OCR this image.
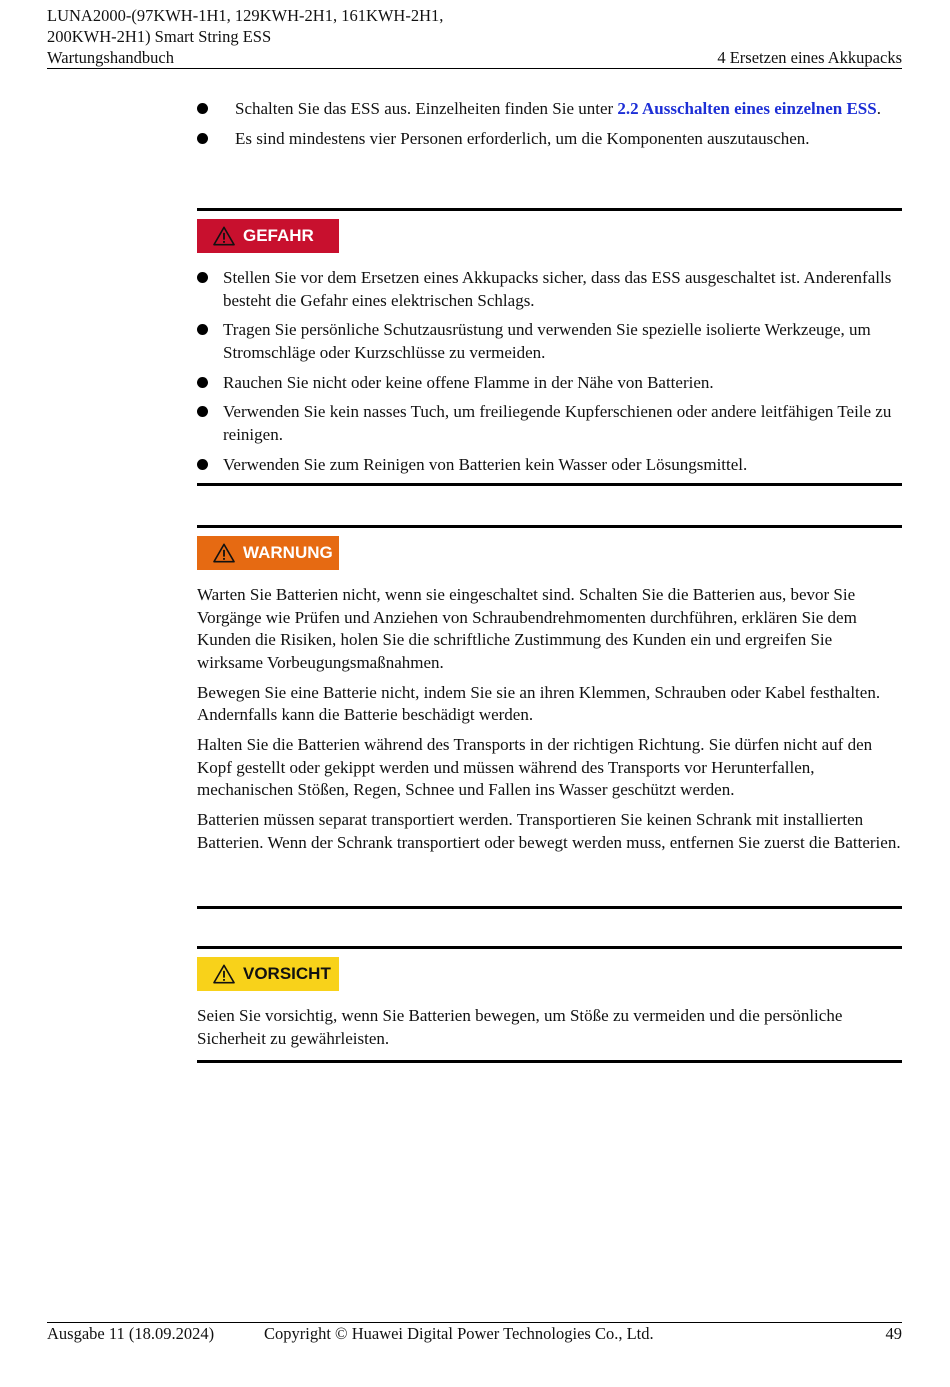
LUNA2000-(97KWH-1H1, 129KWH-2H1, 161KWH-2H1,
200KWH-2H1) Smart String ESS
Wartungshandbuch	4 Ersetzen eines Akkupacks
Schalten Sie das ESS aus. Einzelheiten finden Sie unter 2.2 Ausschalten eines einzelnen ESS.
Es sind mindestens vier Personen erforderlich, um die Komponenten auszutauschen.
GEFAHR
Stellen Sie vor dem Ersetzen eines Akkupacks sicher, dass das ESS ausgeschaltet ist. Anderenfalls besteht die Gefahr eines elektrischen Schlags.
Tragen Sie persönliche Schutzausrüstung und verwenden Sie spezielle isolierte Werkzeuge, um Stromschläge oder Kurzschlüsse zu vermeiden.
Rauchen Sie nicht oder keine offene Flamme in der Nähe von Batterien.
Verwenden Sie kein nasses Tuch, um freiliegende Kupferschienen oder andere leitfähigen Teile zu reinigen.
Verwenden Sie zum Reinigen von Batterien kein Wasser oder Lösungsmittel.
WARNUNG

Warten Sie Batterien nicht, wenn sie eingeschaltet sind. Schalten Sie die Batterien aus, bevor Sie Vorgänge wie Prüfen und Anziehen von Schraubendrehmomenten durchführen, erklären Sie dem Kunden die Risiken, holen Sie die schriftliche Zustimmung des Kunden ein und ergreifen Sie wirksame Vorbeugungsmaßnahmen.

Bewegen Sie eine Batterie nicht, indem Sie sie an ihren Klemmen, Schrauben oder Kabel festhalten. Andernfalls kann die Batterie beschädigt werden.

Halten Sie die Batterien während des Transports in der richtigen Richtung. Sie dürfen nicht auf den Kopf gestellt oder gekippt werden und müssen während des Transports vor Herunterfallen, mechanischen Stößen, Regen, Schnee und Fallen ins Wasser geschützt werden.

Batterien müssen separat transportiert werden. Transportieren Sie keinen Schrank mit installierten Batterien. Wenn der Schrank transportiert oder bewegt werden muss, entfernen Sie zuerst die Batterien.

VORSICHT

Seien Sie vorsichtig, wenn Sie Batterien bewegen, um Stöße zu vermeiden und die persönliche Sicherheit zu gewährleisten.

Ausgabe 11 (18.09.2024)	Copyright © Huawei Digital Power Technologies Co., Ltd.	49
